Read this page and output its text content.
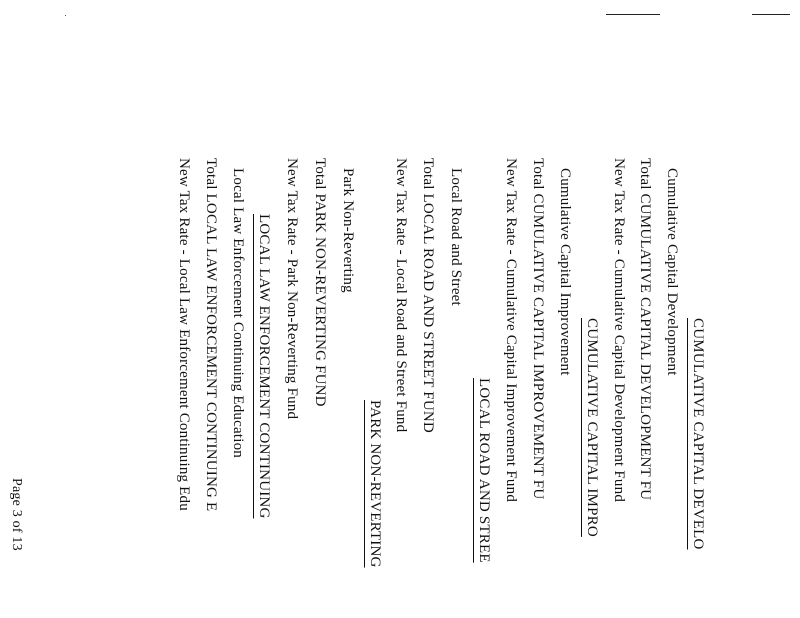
CUMULATIVE CAPITAL DEVELO
Cumulative Capital Development
Total CUMULATIVE CAPITAL DEVELOPMENT FU
New Tax Rate - Cumulative Capital Development Fund
CUMULATIVE CAPITAL IMPRO
Cumulative Capital Improvement
Total CUMULATIVE CAPITAL IMPROVEMENT FU
New Tax Rate - Cumulative Capital Improvement Fund
LOCAL ROAD AND STREE
Local Road and Street
Total LOCAL ROAD AND STREET FUND
New Tax Rate - Local Road and Street Fund
PARK NON-REVERTING
Park Non-Reverting
Total PARK NON-REVERTING FUND
New Tax Rate - Park Non-Reverting Fund
LOCAL LAW ENFORCEMENT CONTINUING
Local Law Enforcement Continuing Education
Total LOCAL LAW ENFORCEMENT CONTINUING E
New Tax Rate - Local Law Enforcement Continuing Edu
Page 3 of 13
